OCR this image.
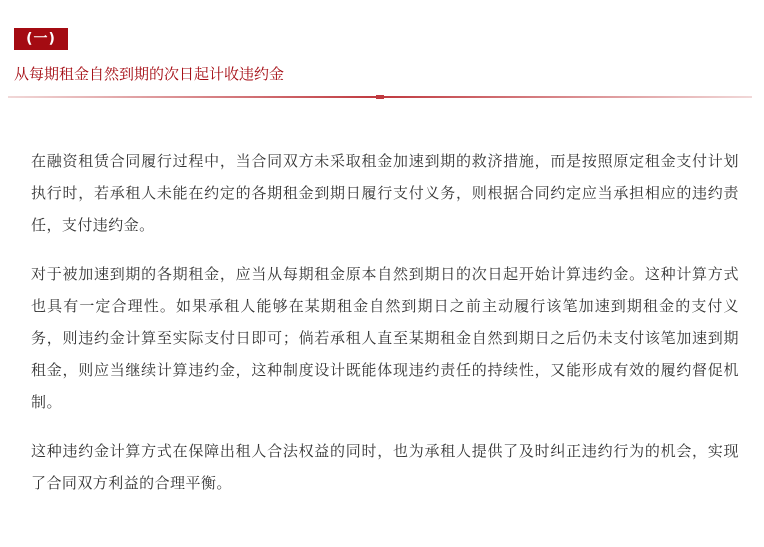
(一)
从每期租金自然到期的次日起计收违约金

在融资租赁合同履行过程中，当合同双方未采取租金加速到期的救济措施，而是按照原定租金支付计划执行时，若承租人未能在约定的各期租金到期日履行支付义务，则根据合同约定应当承担相应的违约责任，支付违约金。

对于被加速到期的各期租金，应当从每期租金原本自然到期日的次日起开始计算违约金。这种计算方式也具有一定合理性。如果承租人能够在某期租金自然到期日之前主动履行该笔加速到期租金的支付义务，则违约金计算至实际支付日即可；倘若承租人直至某期租金自然到期日之后仍未支付该笔加速到期租金，则应当继续计算违约金，这种制度设计既能体现违约责任的持续性，又能形成有效的履约督促机制。

这种违约金计算方式在保障出租人合法权益的同时，也为承租人提供了及时纠正违约行为的机会，实现了合同双方利益的合理平衡。
